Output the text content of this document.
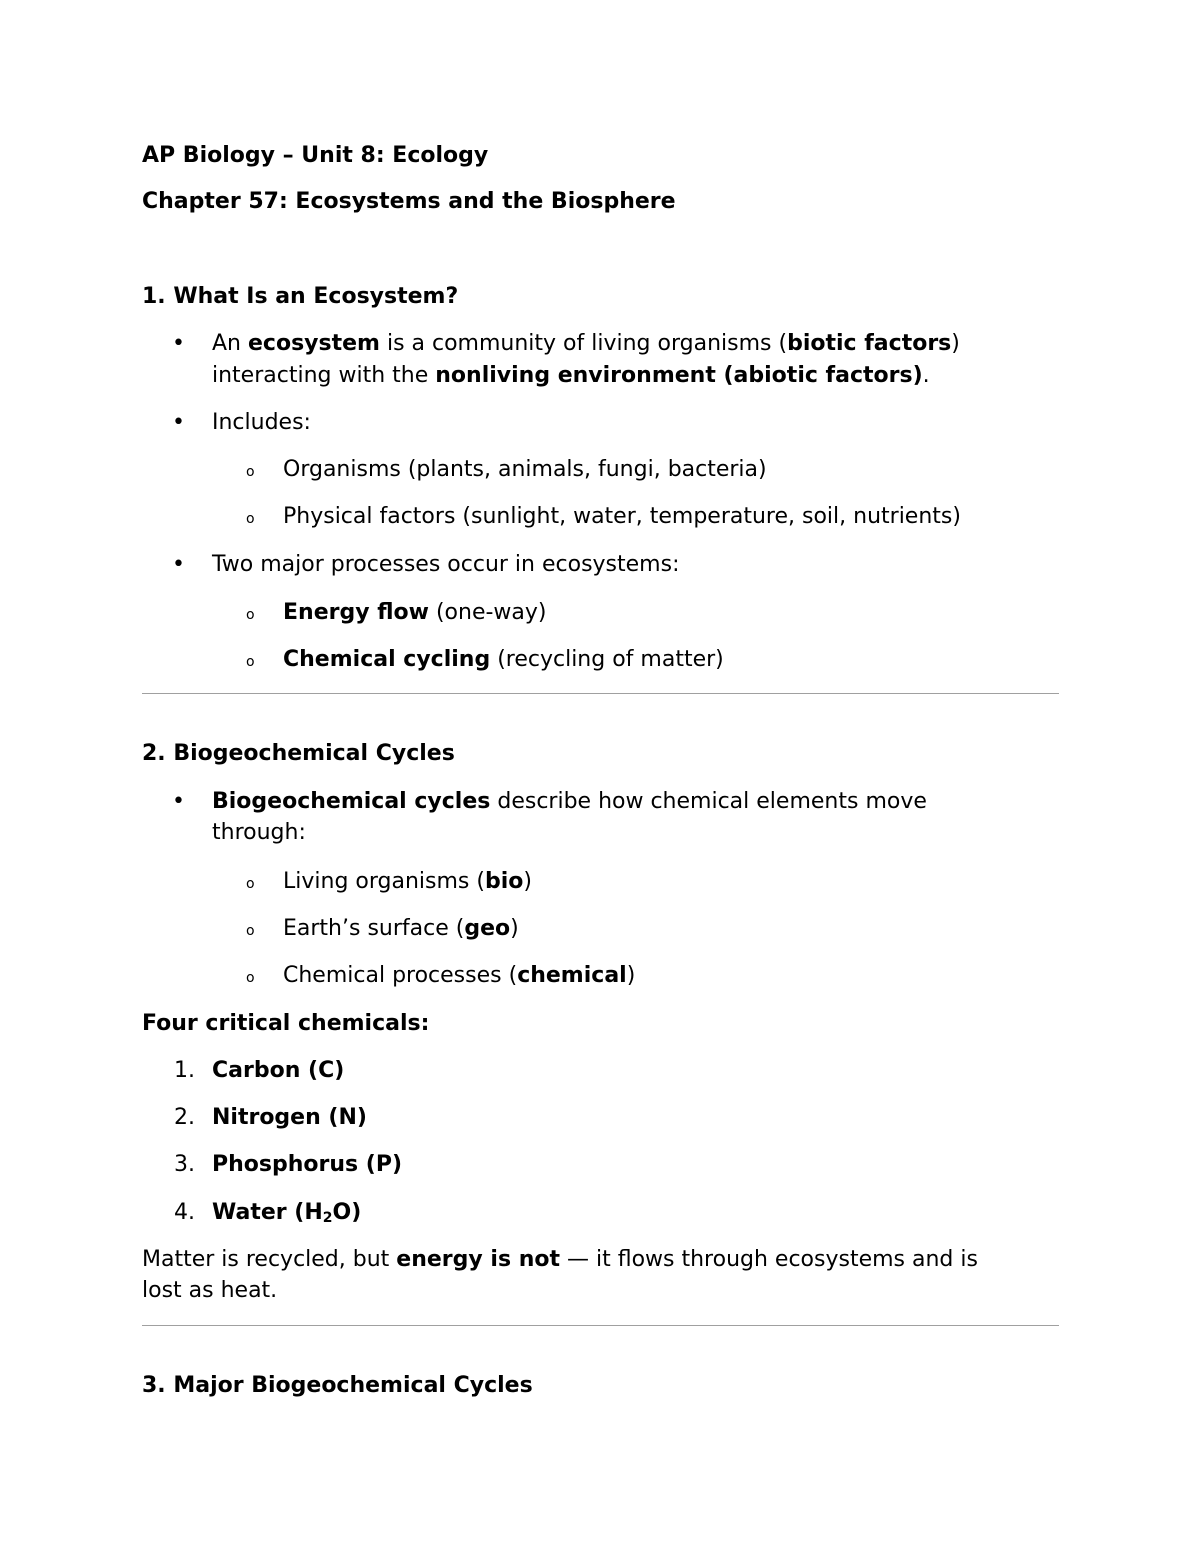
AP Biology – Unit 8: Ecology
Chapter 57: Ecosystems and the Biosphere
1. What Is an Ecosystem?
•	An ecosystem is a community of living organisms (biotic factors)
interacting with the nonliving environment (abiotic factors).
•	Includes:
o	Organisms (plants, animals, fungi, bacteria)
o	Physical factors (sunlight, water, temperature, soil, nutrients)
•	Two major processes occur in ecosystems:
o	Energy flow (one-way)
o	Chemical cycling (recycling of matter)
2. Biogeochemical Cycles
•	Biogeochemical cycles describe how chemical elements move
through:
o	Living organisms (bio)
o	Earth’s surface (geo)
o	Chemical processes (chemical)
Four critical chemicals:
1. Carbon (C)
2. Nitrogen (N)
3. Phosphorus (P)
4. Water $(H_2O)$
Matter is recycled, but energy is not — it flows through ecosystems and is
lost as heat.
3. Major Biogeochemical Cycles
